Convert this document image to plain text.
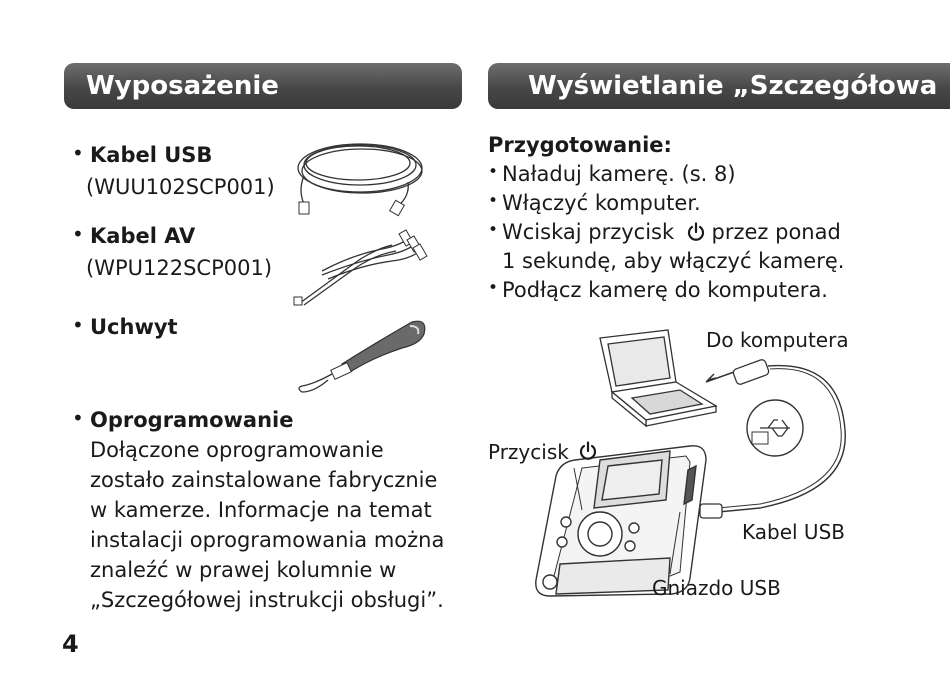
Wyposażenie
• Kabel USB
(WUU102SCP001)
• Kabel AV
(WPU122SCP001)
• Uchwyt
• Oprogramowanie
Dołączone oprogramowanie
zostało zainstalowane fabrycznie
w kamerze. Informacje na temat
instalacji oprogramowania można
znaleźć w prawej kolumnie w
„Szczegółowej instrukcji obsługi”.
4
Wyświetlanie „Szczegółowa
Przygotowanie:
• Naładuj kamerę. (s. 8)
• Włączyć komputer.
• Wciskaj przycisk  przez ponad
1 sekundę, aby włączyć kamerę.
• Podłącz kamerę do komputera.
Do komputera
Przycisk
Kabel USB
Gniazdo USB
